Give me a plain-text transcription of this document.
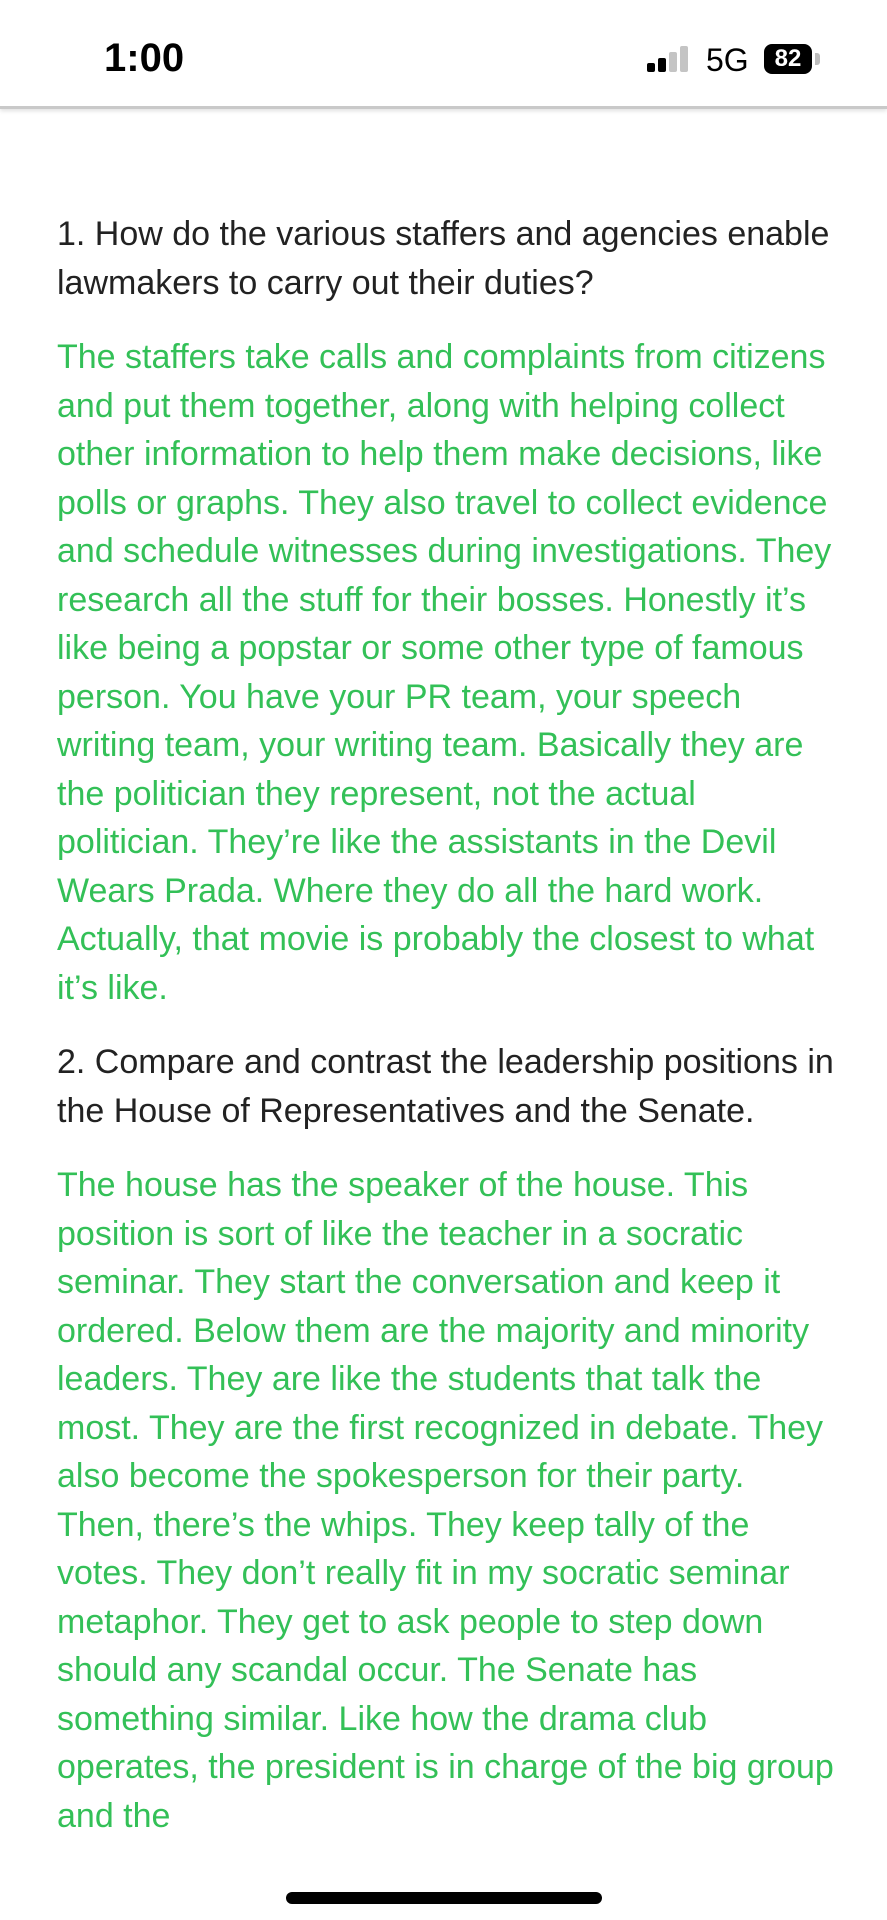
1:00	5G	82

1. How do the various staffers and agencies enable lawmakers to carry out their duties?

The staffers take calls and complaints from citizens and put them together, along with helping collect other information to help them make decisions, like polls or graphs. They also travel to collect evidence and schedule witnesses during investigations. They research all the stuff for their bosses. Honestly it’s like being a popstar or some other type of famous person. You have your PR team, your speech writing team, your writing team. Basically they are the politician they represent, not the actual politician. They’re like the assistants in the Devil Wears Prada. Where they do all the hard work. Actually, that movie is probably the closest to what it’s like.

2. Compare and contrast the leadership positions in the House of Representatives and the Senate.

The house has the speaker of the house. This position is sort of like the teacher in a socratic seminar. They start the conversation and keep it ordered. Below them are the majority and minority leaders. They are like the students that talk the most. They are the first recognized in debate. They also become the spokesperson for their party. Then, there’s the whips. They keep tally of the votes. They don’t really fit in my socratic seminar metaphor. They get to ask people to step down should any scandal occur. The Senate has something similar. Like how the drama club operates, the president is in charge of the big group and the
